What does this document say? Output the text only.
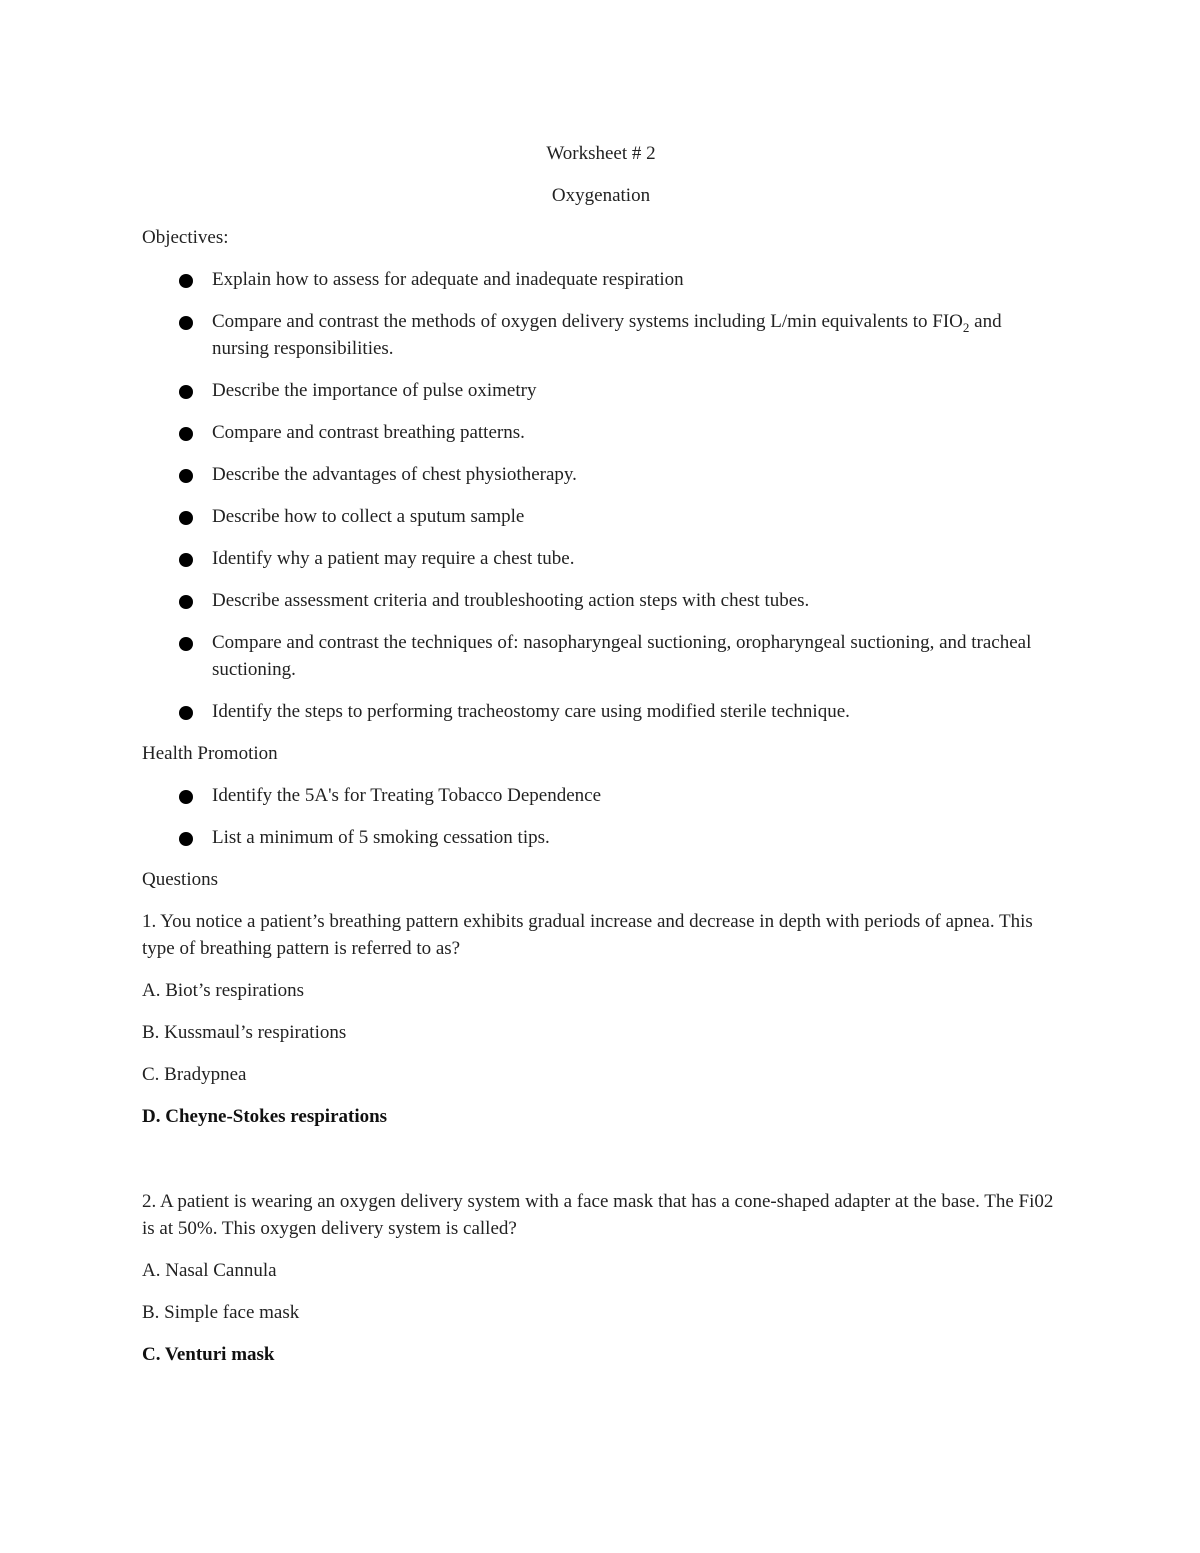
Worksheet # 2

Oxygenation

Objectives:

Explain how to assess for adequate and inadequate respiration
Compare and contrast the methods of oxygen delivery systems including L/min equivalents to $FIO_2$ and nursing responsibilities.
Describe the importance of pulse oximetry
Compare and contrast breathing patterns.
Describe the advantages of chest physiotherapy.
Describe how to collect a sputum sample
Identify why a patient may require a chest tube.
Describe assessment criteria and troubleshooting action steps with chest tubes.
Compare and contrast the techniques of: nasopharyngeal suctioning, oropharyngeal suctioning, and tracheal suctioning.
Identify the steps to performing tracheostomy care using modified sterile technique.

Health Promotion

Identify the 5A's for Treating Tobacco Dependence
List a minimum of 5 smoking cessation tips.

Questions

1. You notice a patient’s breathing pattern exhibits gradual increase and decrease in depth with periods of apnea. This type of breathing pattern is referred to as?

A. Biot’s respirations

B. Kussmaul’s respirations

C. Bradypnea

D. Cheyne-Stokes respirations

2. A patient is wearing an oxygen delivery system with a face mask that has a cone-shaped adapter at the base. The Fi02 is at 50%. This oxygen delivery system is called?

A. Nasal Cannula

B. Simple face mask

C. Venturi mask
